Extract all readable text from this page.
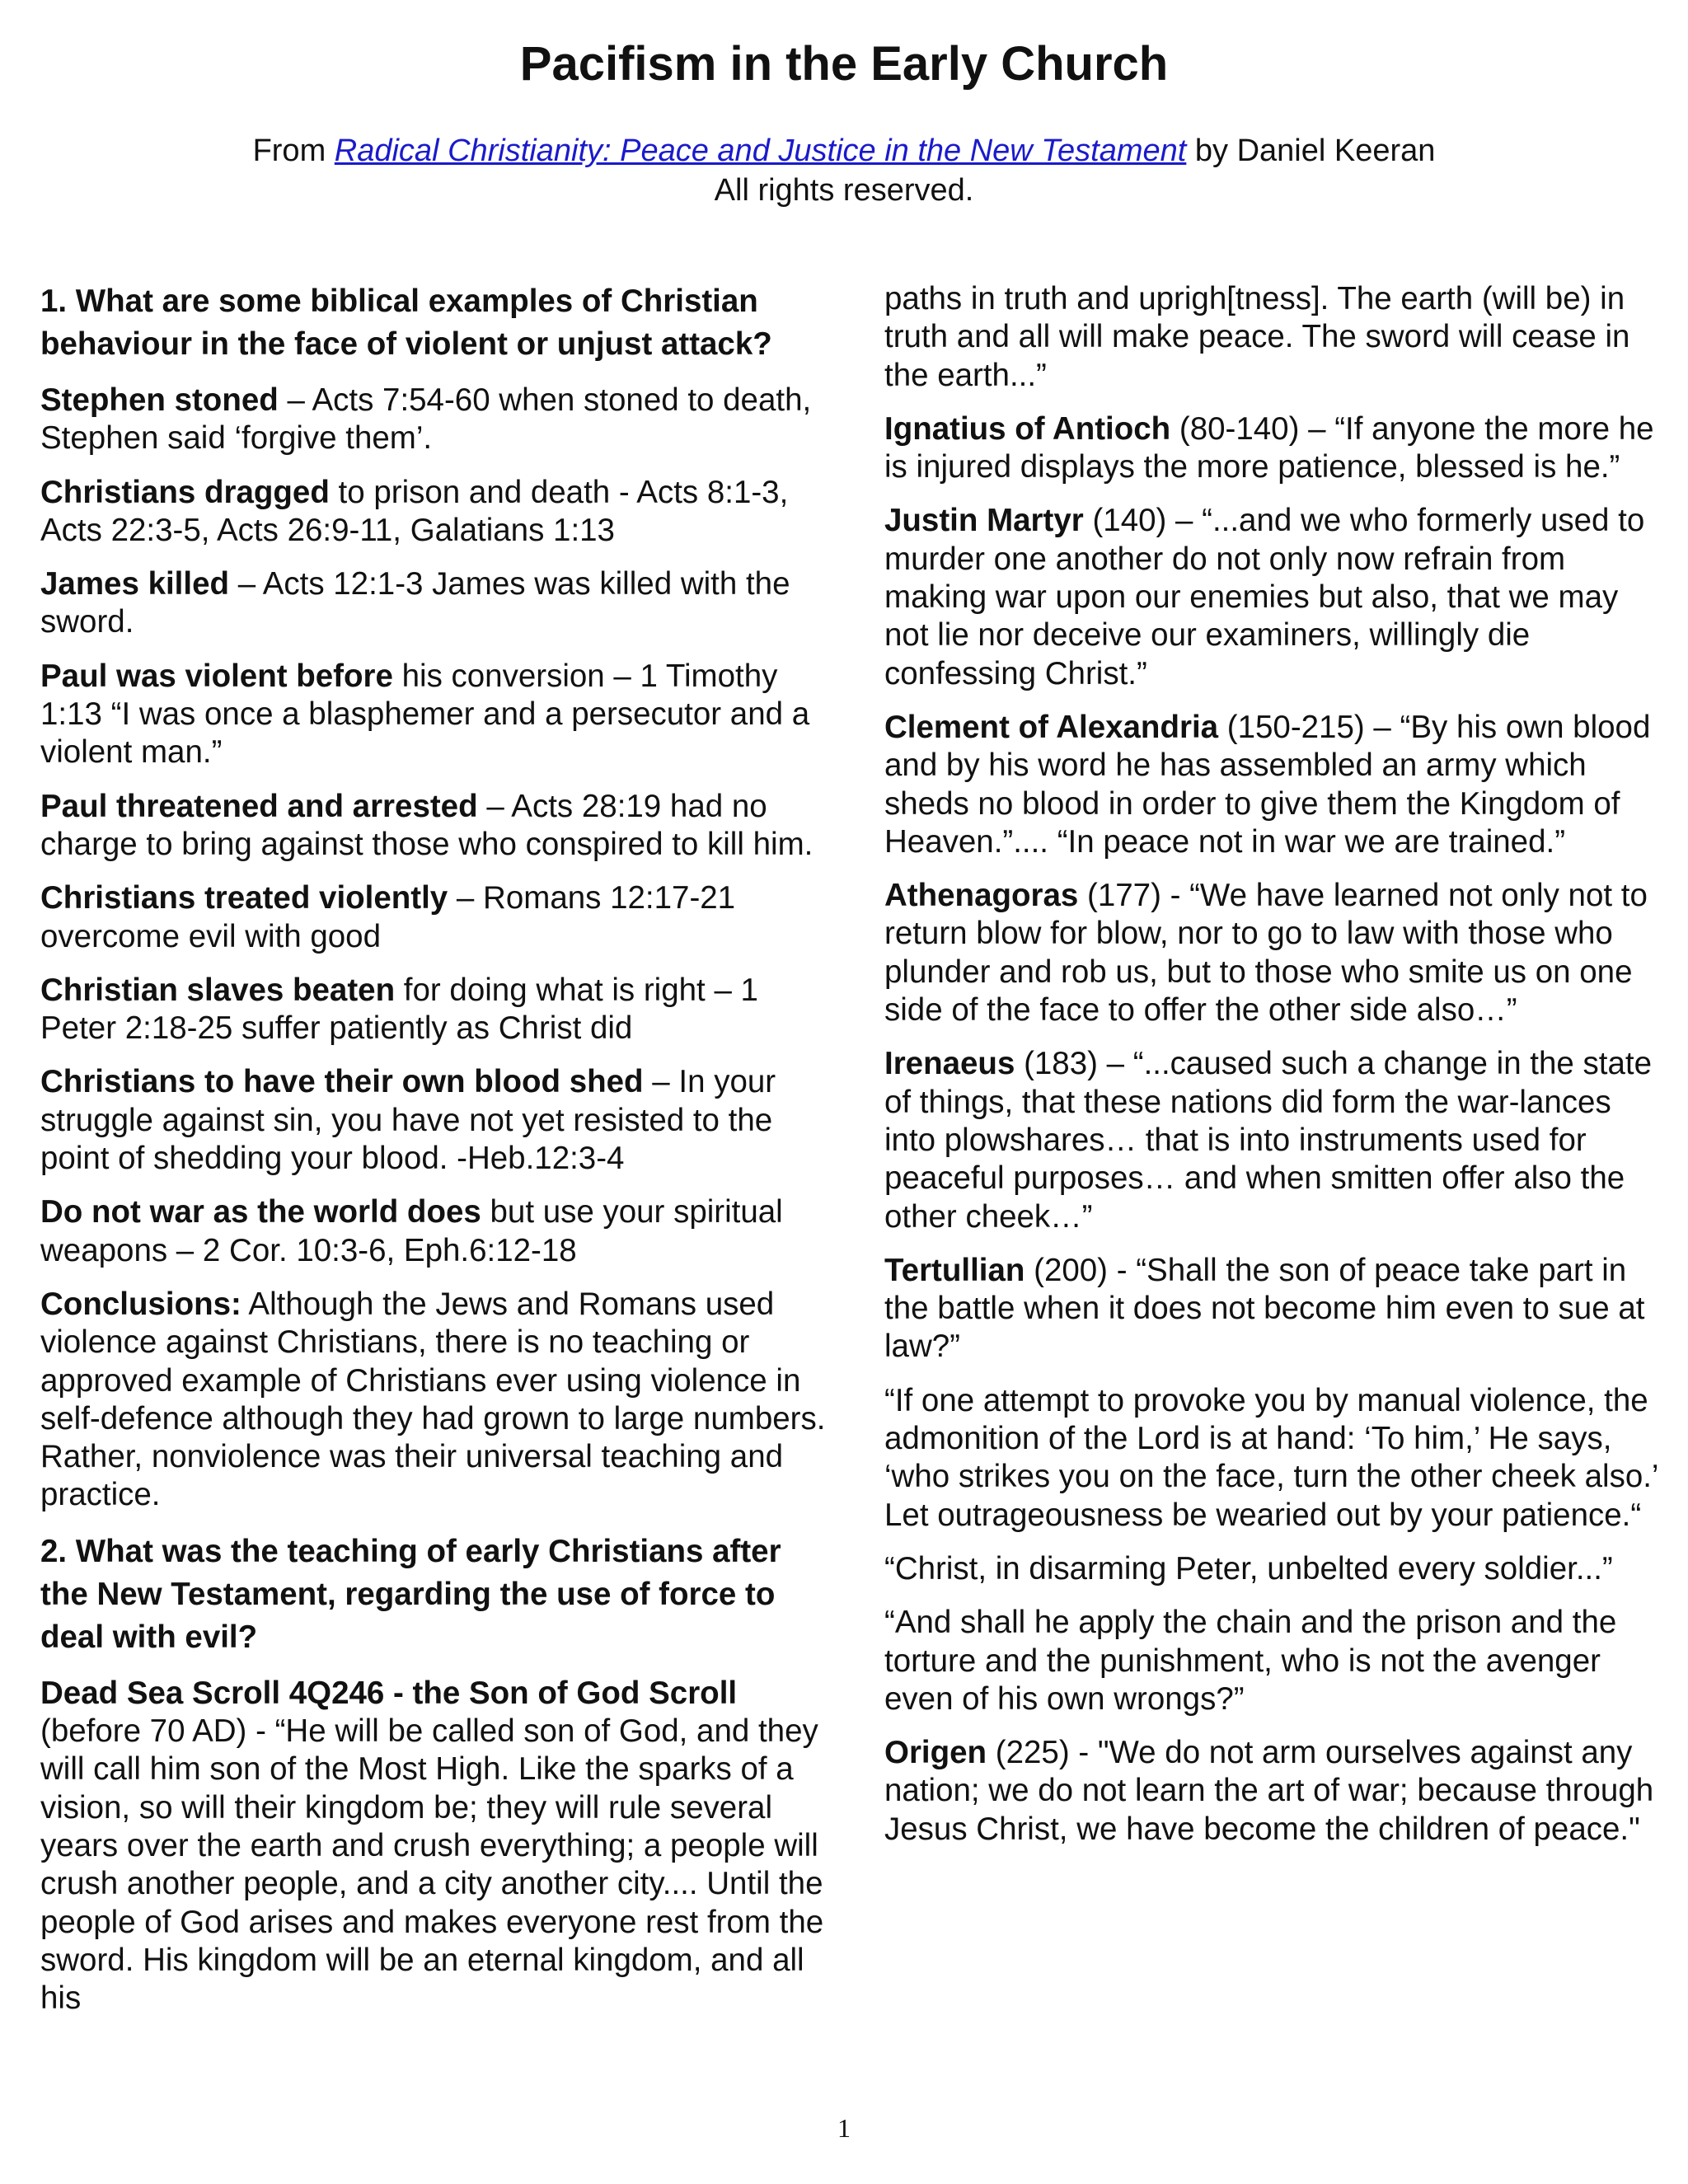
Pacifism in the Early Church
From Radical Christianity: Peace and Justice in the New Testament by Daniel Keeran
All rights reserved.
1. What are some biblical examples of Christian behaviour in the face of violent or unjust attack?

Stephen stoned – Acts 7:54-60 when stoned to death, Stephen said ‘forgive them’.

Christians dragged to prison and death - Acts 8:1-3, Acts 22:3-5, Acts 26:9-11, Galatians 1:13

James killed – Acts 12:1-3 James was killed with the sword.

Paul was violent before his conversion – 1 Timothy 1:13 “I was once a blasphemer and a persecutor and a violent man.”

Paul threatened and arrested – Acts 28:19 had no charge to bring against those who conspired to kill him.

Christians treated violently – Romans 12:17-21 overcome evil with good

Christian slaves beaten for doing what is right – 1 Peter 2:18-25 suffer patiently as Christ did

Christians to have their own blood shed – In your struggle against sin, you have not yet resisted to the point of shedding your blood. -Heb.12:3-4

Do not war as the world does but use your spiritual weapons – 2 Cor. 10:3-6, Eph.6:12-18

Conclusions: Although the Jews and Romans used violence against Christians, there is no teaching or approved example of Christians ever using violence in self-defence although they had grown to large numbers. Rather, nonviolence was their universal teaching and practice.

2. What was the teaching of early Christians after the New Testament, regarding the use of force to deal with evil?

Dead Sea Scroll 4Q246 - the Son of God Scroll (before 70 AD) - “He will be called son of God, and they will call him son of the Most High. Like the sparks of a vision, so will their kingdom be; they will rule several years over the earth and crush everything; a people will crush another people, and a city another city.... Until the people of God arises and makes everyone rest from the sword. His kingdom will be an eternal kingdom, and all his

paths in truth and uprigh[tness]. The earth (will be) in truth and all will make peace. The sword will cease in the earth...”

Ignatius of Antioch (80-140) – “If anyone the more he is injured displays the more patience, blessed is he.”

Justin Martyr (140) – “...and we who formerly used to murder one another do not only now refrain from making war upon our enemies but also, that we may not lie nor deceive our examiners, willingly die confessing Christ.”

Clement of Alexandria (150-215) – “By his own blood and by his word he has assembled an army which sheds no blood in order to give them the Kingdom of Heaven.”.... “In peace not in war we are trained.”

Athenagoras (177) - “We have learned not only not to return blow for blow, nor to go to law with those who plunder and rob us, but to those who smite us on one side of the face to offer the other side also…”

Irenaeus (183) – “...caused such a change in the state of things, that these nations did form the war-lances into plowshares… that is into instruments used for peaceful purposes… and when smitten offer also the other cheek…”

Tertullian (200) - “Shall the son of peace take part in the battle when it does not become him even to sue at law?”

“If one attempt to provoke you by manual violence, the admonition of the Lord is at hand: ‘To him,’ He says, ‘who strikes you on the face, turn the other cheek also.’ Let outrageousness be wearied out by your patience.“

“Christ, in disarming Peter, unbelted every soldier...”

“And shall he apply the chain and the prison and the torture and the punishment, who is not the avenger even of his own wrongs?”

Origen (225) - "We do not arm ourselves against any nation; we do not learn the art of war; because through Jesus Christ, we have become the children of peace."

1
